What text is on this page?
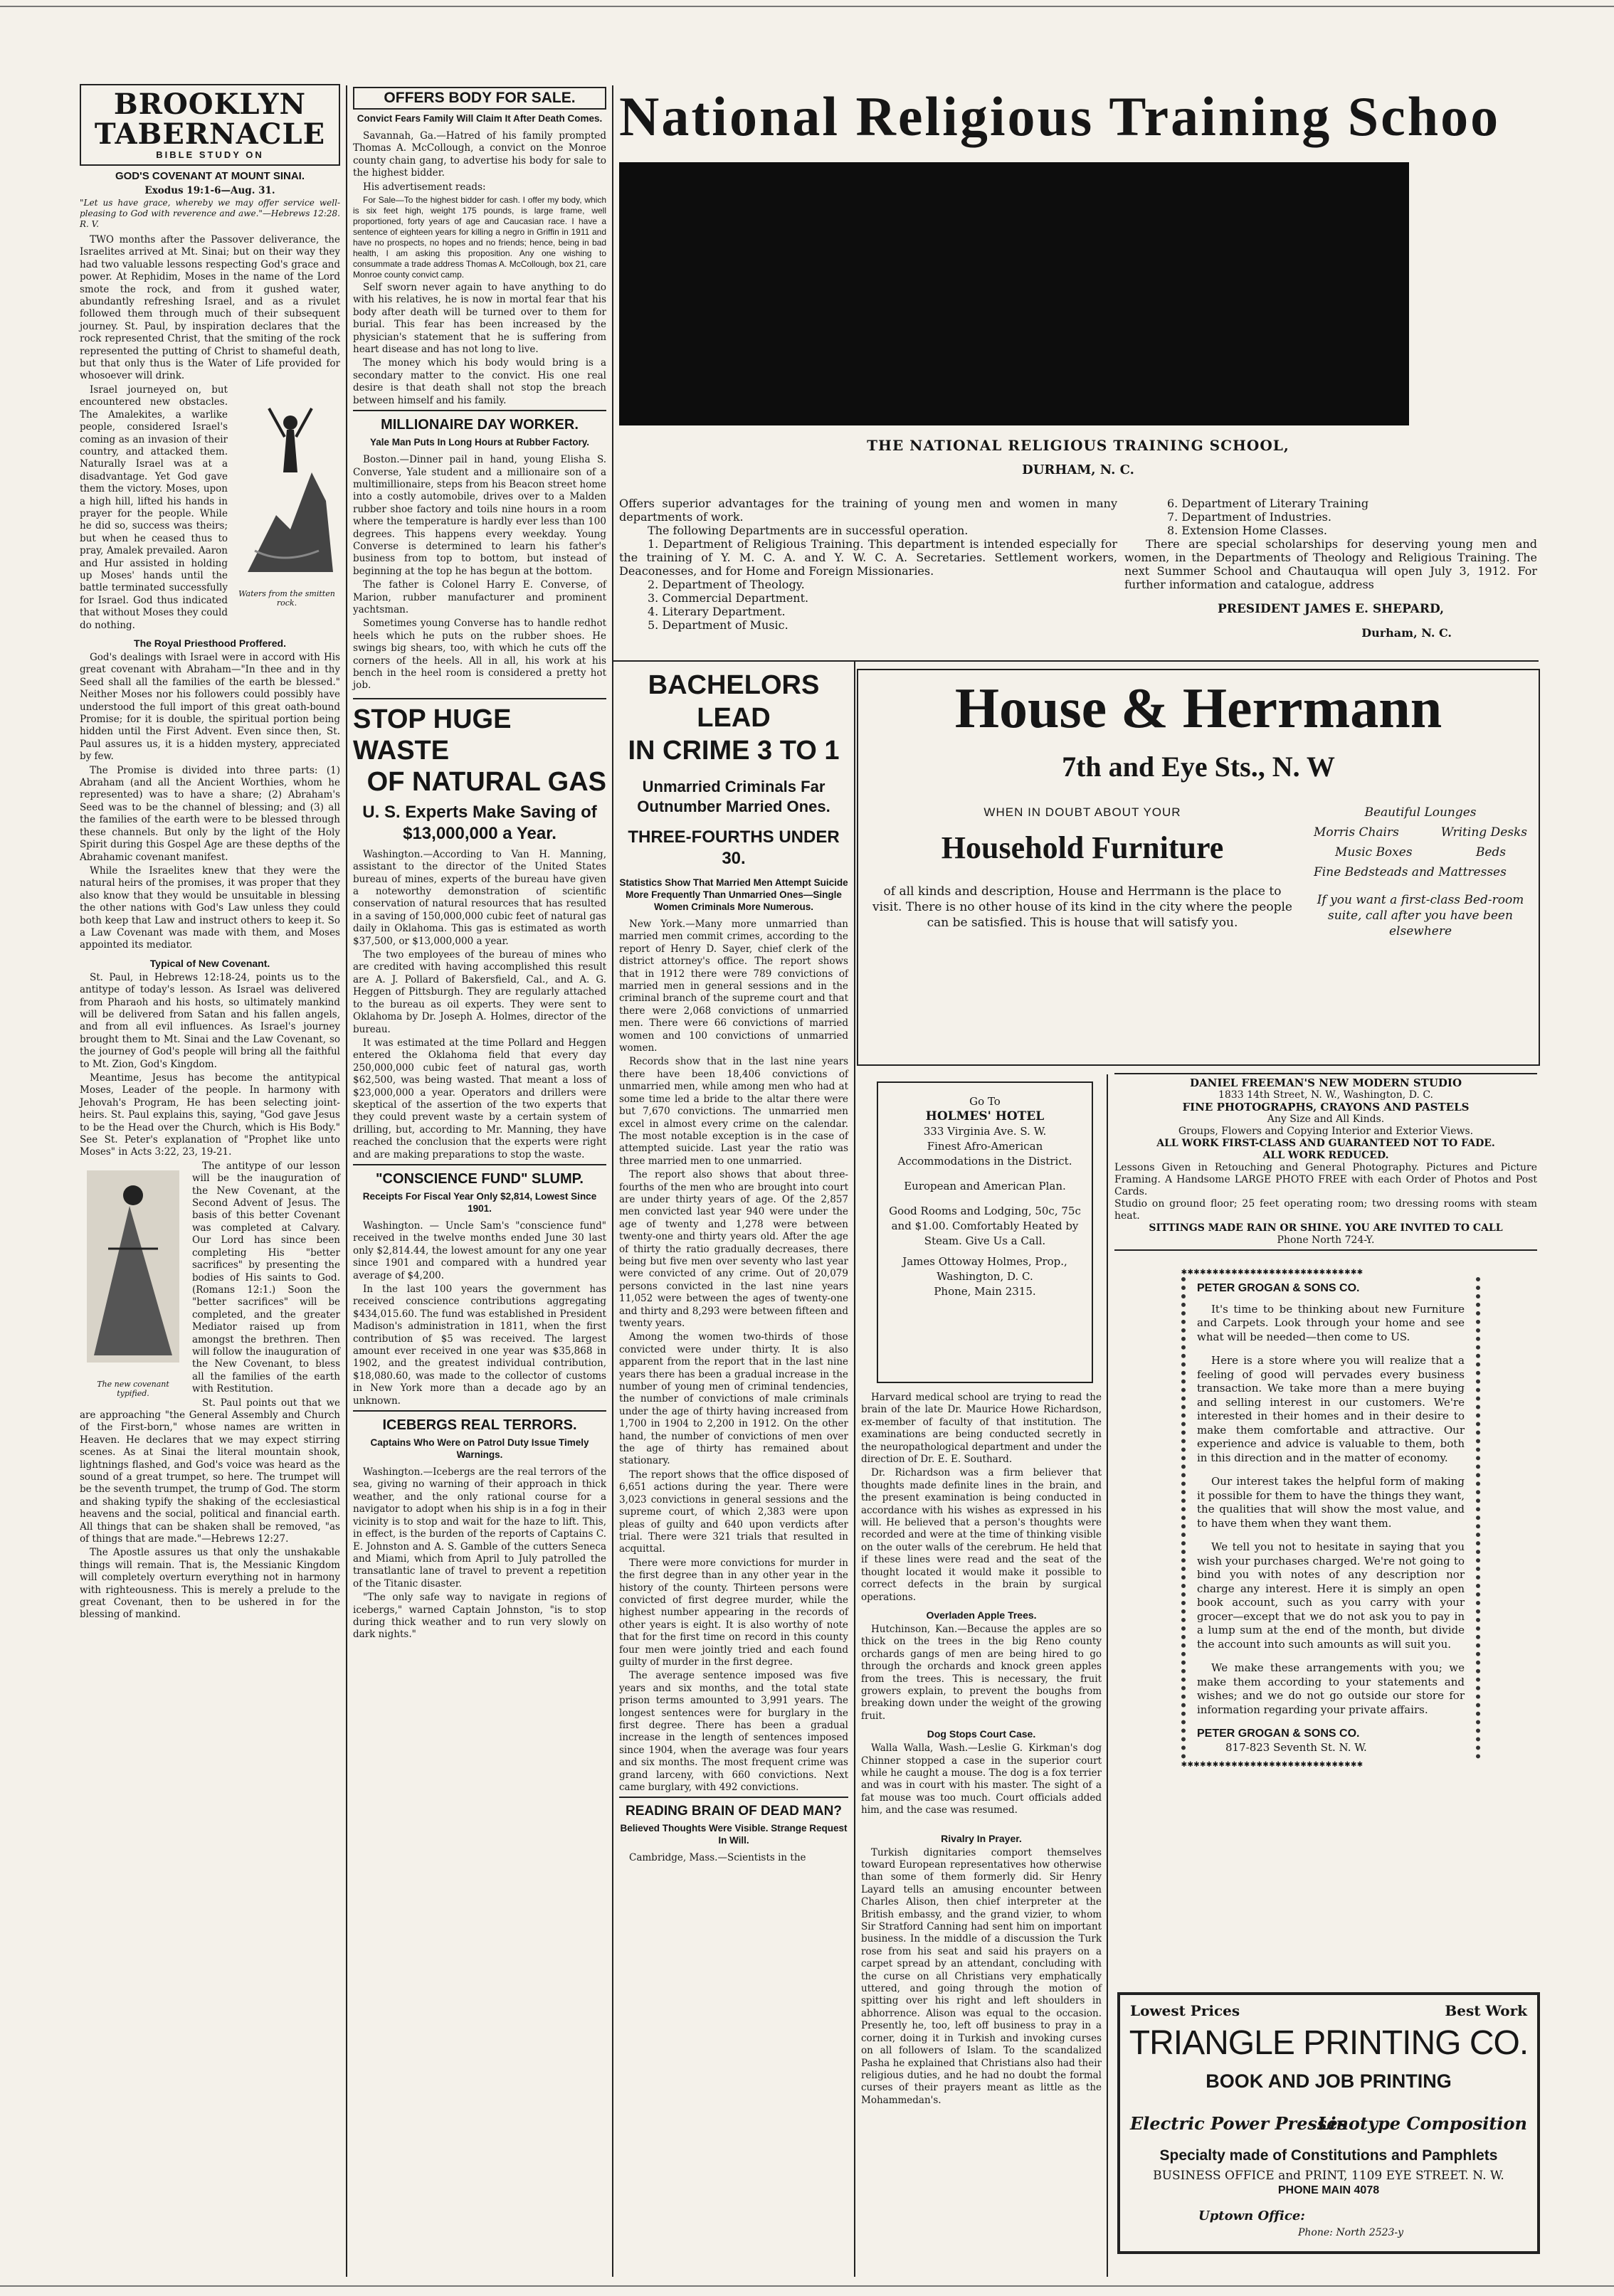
BROOKLYN TABERNACLE
BIBLE STUDY ON
GOD'S COVENANT AT MOUNT SINAI.
Exodus 19:1-6—Aug. 31.
"Let us have grace, whereby we may offer service well-pleasing to God with reverence and awe."—Hebrews 12:28. R. V.

TWO months after the Passover deliverance, the Israelites arrived at Mt. Sinai; but on their way they had two valuable lessons respecting God's grace and power. At Rephidim, Moses in the name of the Lord smote the rock, and from it gushed water, abundantly refreshing Israel, and as a rivulet followed them through much of their subsequent journey. St. Paul, by inspiration declares that the rock represented Christ, that the smiting of the rock represented the putting of Christ to shameful death, but that only thus is the Water of Life provided for whosoever will drink.

Waters from the smitten rock.

Israel journeyed on, but encountered new obstacles. The Amalekites, a warlike people, considered Israel's coming as an invasion of their country, and attacked them. Naturally Israel was at a disadvantage. Yet God gave them the victory. Moses, upon a high hill, lifted his hands in prayer for the people. While he did so, success was theirs; but when he ceased thus to pray, Amalek prevailed. Aaron and Hur assisted in holding up Moses' hands until the battle terminated successfully for Israel. God thus indicated that without Moses they could do nothing.

The Royal Priesthood Proffered.

God's dealings with Israel were in accord with His great covenant with Abraham—"In thee and in thy Seed shall all the families of the earth be blessed." Neither Moses nor his followers could possibly have understood the full import of this great oath-bound Promise; for it is double, the spiritual portion being hidden until the First Advent. Even since then, St. Paul assures us, it is a hidden mystery, appreciated by few.

The Promise is divided into three parts: (1) Abraham (and all the Ancient Worthies, whom he represented) was to have a share; (2) Abraham's Seed was to be the channel of blessing; and (3) all the families of the earth were to be blessed through these channels. But only by the light of the Holy Spirit during this Gospel Age are these depths of the Abrahamic covenant manifest.

While the Israelites knew that they were the natural heirs of the promises, it was proper that they also know that they would be unsuitable in blessing the other nations with God's Law unless they could both keep that Law and instruct others to keep it. So a Law Covenant was made with them, and Moses appointed its mediator.

Typical of New Covenant.

St. Paul, in Hebrews 12:18-24, points us to the antitype of today's lesson. As Israel was delivered from Pharaoh and his hosts, so ultimately mankind will be delivered from Satan and his fallen angels, and from all evil influences. As Israel's journey brought them to Mt. Sinai and the Law Covenant, so the journey of God's people will bring all the faithful to Mt. Zion, God's Kingdom.

Meantime, Jesus has become the antitypical Moses, Leader of the people. In harmony with Jehovah's Program, He has been selecting joint-heirs. St. Paul explains this, saying, "God gave Jesus to be the Head over the Church, which is His Body." See St. Peter's explanation of "Prophet like unto Moses" in Acts 3:22, 23, 19-21.

The new covenant typified.

The antitype of our lesson will be the inauguration of the New Covenant, at the Second Advent of Jesus. The basis of this better Covenant was completed at Calvary. Our Lord has since been completing His "better sacrifices" by presenting the bodies of His saints to God. (Romans 12:1.) Soon the "better sacrifices" will be completed, and the greater Mediator raised up from amongst the brethren. Then will follow the inauguration of the New Covenant, to bless all the families of the earth with Restitution.

St. Paul points out that we are approaching "the General Assembly and Church of the First-born," whose names are written in Heaven. He declares that we may expect stirring scenes. As at Sinai the literal mountain shook, lightnings flashed, and God's voice was heard as the sound of a great trumpet, so here. The trumpet will be the seventh trumpet, the trump of God. The storm and shaking typify the shaking of the ecclesiastical heavens and the social, political and financial earth. All things that can be shaken shall be removed, "as of things that are made."—Hebrews 12:27.

The Apostle assures us that only the unshakable things will remain. That is, the Messianic Kingdom will completely overturn everything not in harmony with righteousness. This is merely a prelude to the great Covenant, then to be ushered in for the blessing of mankind.

OFFERS BODY FOR SALE.
Convict Fears Family Will Claim It After Death Comes.

Savannah, Ga.—Hatred of his family prompted Thomas A. McCollough, a convict on the Monroe county chain gang, to advertise his body for sale to the highest bidder.

His advertisement reads:

For Sale—To the highest bidder for cash. I offer my body, which is six feet high, weight 175 pounds, is large frame, well proportioned, forty years of age and Caucasian race. I have a sentence of eighteen years for killing a negro in Griffin in 1911 and have no prospects, no hopes and no friends; hence, being in bad health, I am asking this proposition. Any one wishing to consummate a trade address Thomas A. McCollough, box 21, care Monroe county convict camp.

Self sworn never again to have anything to do with his relatives, he is now in mortal fear that his body after death will be turned over to them for burial. This fear has been increased by the physician's statement that he is suffering from heart disease and has not long to live.

The money which his body would bring is a secondary matter to the convict. His one real desire is that death shall not stop the breach between himself and his family.

MILLIONAIRE DAY WORKER.
Yale Man Puts In Long Hours at Rubber Factory.

Boston.—Dinner pail in hand, young Elisha S. Converse, Yale student and a millionaire son of a multimillionaire, steps from his Beacon street home into a costly automobile, drives over to a Malden rubber shoe factory and toils nine hours in a room where the temperature is hardly ever less than 100 degrees. This happens every weekday. Young Converse is determined to learn his father's business from top to bottom, but instead of beginning at the top he has begun at the bottom.

The father is Colonel Harry E. Converse, of Marion, rubber manufacturer and prominent yachtsman.

Sometimes young Converse has to handle redhot heels which he puts on the rubber shoes. He swings big shears, too, with which he cuts off the corners of the heels. All in all, his work at his bench in the heel room is considered a pretty hot job.

STOP HUGE WASTE
OF NATURAL GAS
U. S. Experts Make Saving of $13,000,000 a Year.

Washington.—According to Van H. Manning, assistant to the director of the United States bureau of mines, experts of the bureau have given a noteworthy demonstration of scientific conservation of natural resources that has resulted in a saving of 150,000,000 cubic feet of natural gas daily in Oklahoma. This gas is estimated as worth $37,500, or $13,000,000 a year.

The two employees of the bureau of mines who are credited with having accomplished this result are A. J. Pollard of Bakersfield, Cal., and A. G. Heggen of Pittsburgh. They are regularly attached to the bureau as oil experts. They were sent to Oklahoma by Dr. Joseph A. Holmes, director of the bureau.

It was estimated at the time Pollard and Heggen entered the Oklahoma field that every day 250,000,000 cubic feet of natural gas, worth $62,500, was being wasted. That meant a loss of $23,000,000 a year. Operators and drillers were skeptical of the assertion of the two experts that they could prevent waste by a certain system of drilling, but, according to Mr. Manning, they have reached the conclusion that the experts were right and are making preparations to stop the waste.

"CONSCIENCE FUND" SLUMP.
Receipts For Fiscal Year Only $2,814, Lowest Since 1901.

Washington. — Uncle Sam's "conscience fund" received in the twelve months ended June 30 last only $2,814.44, the lowest amount for any one year since 1901 and compared with a hundred year average of $4,200.

In the last 100 years the government has received conscience contributions aggregating $434,015.60. The fund was established in President Madison's administration in 1811, when the first contribution of $5 was received. The largest amount ever received in one year was $35,868 in 1902, and the greatest individual contribution, $18,080.60, was made to the collector of customs in New York more than a decade ago by an unknown.

ICEBERGS REAL TERRORS.
Captains Who Were on Patrol Duty Issue Timely Warnings.

Washington.—Icebergs are the real terrors of the sea, giving no warning of their approach in thick weather, and the only rational course for a navigator to adopt when his ship is in a fog in their vicinity is to stop and wait for the haze to lift. This, in effect, is the burden of the reports of Captains C. E. Johnston and A. S. Gamble of the cutters Seneca and Miami, which from April to July patrolled the transatlantic lane of travel to prevent a repetition of the Titanic disaster.

"The only safe way to navigate in regions of icebergs," warned Captain Johnston, "is to stop during thick weather and to run very slowly on dark nights."

National Religious Training Schoo
THE NATIONAL RELIGIOUS TRAINING SCHOOL,
DURHAM, N. C.
Offers superior advantages for the training of young men and women in many departments of work.
The following Departments are in successful operation.
1. Department of Religious Training. This department is intended especially for the training of Y. M. C. A. and Y. W. C. A. Secretaries. Settlement workers, Deaconesses, and for Home and Foreign Missionaries.
2. Department of Theology.
3. Commercial Department.
4. Literary Department.
5. Department of Music.
6. Department of Literary Training
7. Department of Industries.
8. Extension Home Classes.
There are special scholarships for deserving young men and women, in the Departments of Theology and Religious Training. The next Summer School and Chautauqua will open July 3, 1912. For further information and catalogue, address
PRESIDENT JAMES E. SHEPARD,
Durham, N. C.
BACHELORS LEAD
IN CRIME 3 TO 1
Unmarried Criminals Far Outnumber Married Ones.
THREE-FOURTHS UNDER 30.
Statistics Show That Married Men Attempt Suicide More Frequently Than Unmarried Ones—Single Women Criminals More Numerous.

New York.—Many more unmarried than married men commit crimes, according to the report of Henry D. Sayer, chief clerk of the district attorney's office. The report shows that in 1912 there were 789 convictions of married men in general sessions and in the criminal branch of the supreme court and that there were 2,068 convictions of unmarried men. There were 66 convictions of married women and 100 convictions of unmarried women.

Records show that in the last nine years there have been 18,406 convictions of unmarried men, while among men who had at some time led a bride to the altar there were but 7,670 convictions. The unmarried men excel in almost every crime on the calendar. The most notable exception is in the case of attempted suicide. Last year the ratio was three married men to one unmarried.

The report also shows that about three-fourths of the men who are brought into court are under thirty years of age. Of the 2,857 men convicted last year 940 were under the age of twenty and 1,278 were between twenty-one and thirty years old. After the age of thirty the ratio gradually decreases, there being but five men over seventy who last year were convicted of any crime. Out of 20,079 persons convicted in the last nine years 11,052 were between the ages of twenty-one and thirty and 8,293 were between fifteen and twenty years.

Among the women two-thirds of those convicted were under thirty. It is also apparent from the report that in the last nine years there has been a gradual increase in the number of young men of criminal tendencies, the number of convictions of male criminals under the age of thirty having increased from 1,700 in 1904 to 2,200 in 1912. On the other hand, the number of convictions of men over the age of thirty has remained about stationary.

The report shows that the office disposed of 6,651 actions during the year. There were 3,023 convictions in general sessions and the supreme court, of which 2,383 were upon pleas of guilty and 640 upon verdicts after trial. There were 321 trials that resulted in acquittal.

There were more convictions for murder in the first degree than in any other year in the history of the county. Thirteen persons were convicted of first degree murder, while the highest number appearing in the records of other years is eight. It is also worthy of note that for the first time on record in this county four men were jointly tried and each found guilty of murder in the first degree.

The average sentence imposed was five years and six months, and the total state prison terms amounted to 3,991 years. The longest sentences were for burglary in the first degree. There has been a gradual increase in the length of sentences imposed since 1904, when the average was four years and six months. The most frequent crime was grand larceny, with 660 convictions. Next came burglary, with 492 convictions.

READING BRAIN OF DEAD MAN?
Believed Thoughts Were Visible. Strange Request In Will.

Cambridge, Mass.—Scientists in the

House & Herrmann
7th and Eye Sts., N. W
WHEN IN DOUBT ABOUT YOUR
Household Furniture
of all kinds and description, House and Herrmann is the place to visit. There is no other house of its kind in the city where the people can be satisfied. This is house that will satisfy you.
Beautiful Lounges
Morris Chairs	Writing Desks
Music Boxes	Beds
Fine Bedsteads and Mattresses
If you want a first-class Bed-room suite, call after you have been elsewhere
Go To
HOLMES' HOTEL
333 Virginia Ave. S. W.
Finest Afro-American Accommodations in the District.
European and American Plan.
Good Rooms and Lodging, 50c, 75c and $1.00. Comfortably Heated by Steam. Give Us a Call.
James Ottoway Holmes, Prop., Washington, D. C.
Phone, Main 2315.

Harvard medical school are trying to read the brain of the late Dr. Maurice Howe Richardson, ex-member of faculty of that institution. The examinations are being conducted secretly in the neuropathological department and under the direction of Dr. E. E. Southard.

Dr. Richardson was a firm believer that thoughts made definite lines in the brain, and the present examination is being conducted in accordance with his wishes as expressed in his will. He believed that a person's thoughts were recorded and were at the time of thinking visible on the outer walls of the cerebrum. He held that if these lines were read and the seat of the thought located it would make it possible to correct defects in the brain by surgical operations.

Overladen Apple Trees.

Hutchinson, Kan.—Because the apples are so thick on the trees in the big Reno county orchards gangs of men are being hired to go through the orchards and knock green apples from the trees. This is necessary, the fruit growers explain, to prevent the boughs from breaking down under the weight of the growing fruit.

Dog Stops Court Case.

Walla Walla, Wash.—Leslie G. Kirkman's dog Chinner stopped a case in the superior court while he caught a mouse. The dog is a fox terrier and was in court with his master. The sight of a fat mouse was too much. Court officials added him, and the case was resumed.

Rivalry In Prayer.

Turkish dignitaries comport themselves toward European representatives how otherwise than some of them formerly did. Sir Henry Layard tells an amusing encounter between Charles Alison, then chief interpreter at the British embassy, and the grand vizier, to whom Sir Stratford Canning had sent him on important business. In the middle of a discussion the Turk rose from his seat and said his prayers on a carpet spread by an attendant, concluding with the curse on all Christians very emphatically uttered, and going through the motion of spitting over his right and left shoulders in abhorrence. Alison was equal to the occasion. Presently he, too, left off business to pray in a corner, doing it in Turkish and invoking curses on all followers of Islam. To the scandalized Pasha he explained that Christians also had their religious duties, and he had no doubt the formal curses of their prayers meant as little as the Mohammedan's.

DANIEL FREEMAN'S NEW MODERN STUDIO
1833 14th Street, N. W., Washington, D. C.
FINE PHOTOGRAPHS, CRAYONS AND PASTELS
Any Size and All Kinds.
Groups, Flowers and Copying Interior and Exterior Views.
ALL WORK FIRST-CLASS AND GUARANTEED NOT TO FADE.
ALL WORK REDUCED.
Lessons Given in Retouching and General Photography. Pictures and Picture Framing. A Handsome LARGE PHOTO FREE with each Order of Photos and Post Cards.
Studio on ground floor; 25 feet operating room; two dressing rooms with steam heat.
SITTINGS MADE RAIN OR SHINE. YOU ARE INVITED TO CALL
Phone North 724-Y.
✱✱✱✱✱✱✱✱✱✱✱✱✱✱✱✱✱✱✱✱✱✱✱✱✱✱✱✱✱
PETER GROGAN & SONS CO.

It's time to be thinking about new Furniture and Carpets. Look through your home and see what will be needed—then come to US.

Here is a store where you will realize that a feeling of good will pervades every business transaction. We take more than a mere buying and selling interest in our customers. We're interested in their homes and in their desire to make them comfortable and attractive. Our experience and advice is valuable to them, both in this direction and in the matter of economy.

Our interest takes the helpful form of making it possible for them to have the things they want, the qualities that will show the most value, and to have them when they want them.

We tell you not to hesitate in saying that you wish your purchases charged. We're not going to bind you with notes of any description nor charge any interest. Here it is simply an open book account, such as you carry with your grocer—except that we do not ask you to pay in a lump sum at the end of the month, but divide the account into such amounts as will suit you.

We make these arrangements with you; we make them according to your statements and wishes; and we do not go outside our store for information regarding your private affairs.

PETER GROGAN & SONS CO.
817-823 Seventh St. N. W.
✱✱✱✱✱✱✱✱✱✱✱✱✱✱✱✱✱✱✱✱✱✱✱✱✱✱✱✱✱
Lowest Prices	Best Work
TRIANGLE PRINTING CO.
BOOK AND JOB PRINTING
Electric Power Presses
Linotype Composition
Specialty made of Constitutions and Pamphlets
BUSINESS OFFICE and PRINT, 1109 EYE STREET. N. W.
PHONE MAIN 4078
Uptown Office:
Phone: North 2523-y
